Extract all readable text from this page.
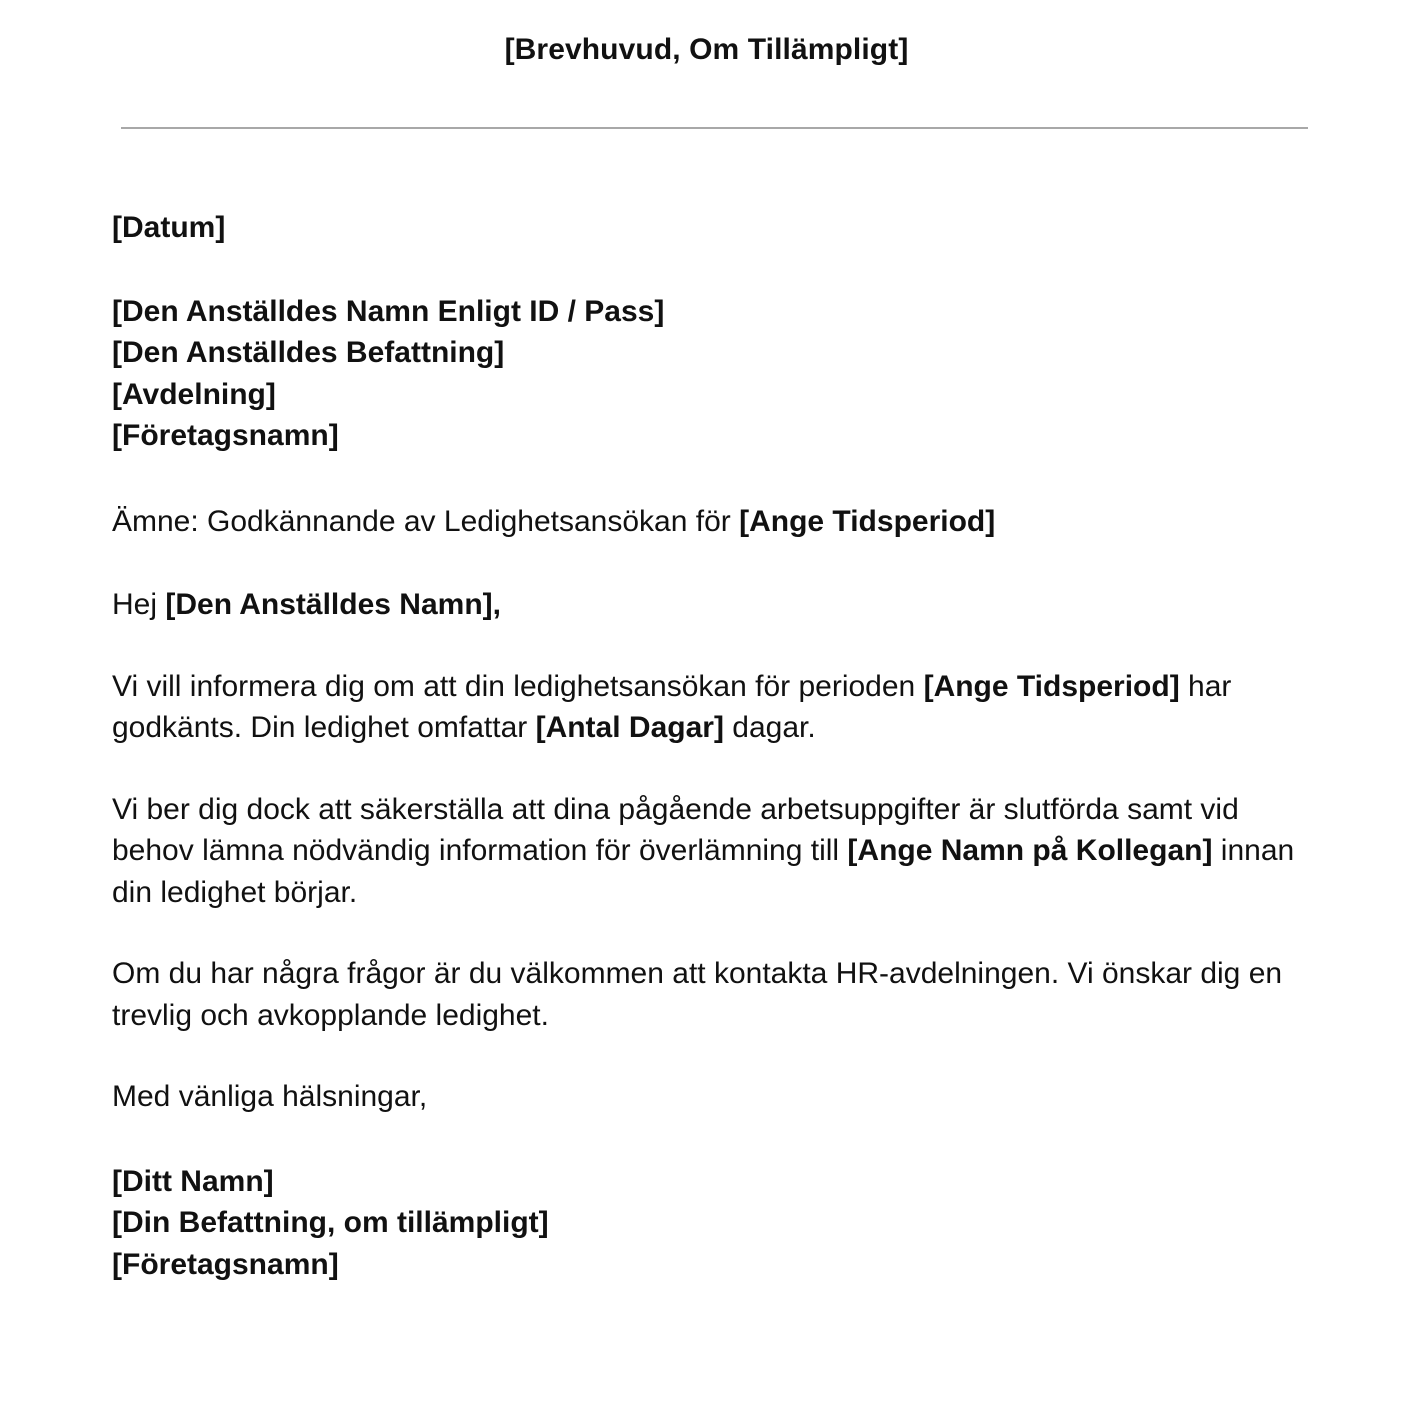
[Brevhuvud, Om Tillämpligt]
[Datum]
[Den Anställdes Namn Enligt ID / Pass]
[Den Anställdes Befattning]
[Avdelning]
[Företagsnamn]
Ämne: Godkännande av Ledighetsansökan för [Ange Tidsperiod]
Hej [Den Anställdes Namn],
Vi vill informera dig om att din ledighetsansökan för perioden [Ange Tidsperiod] har godkänts. Din ledighet omfattar [Antal Dagar] dagar.
Vi ber dig dock att säkerställa att dina pågående arbetsuppgifter är slutförda samt vid behov lämna nödvändig information för överlämning till [Ange Namn på Kollegan] innan din ledighet börjar.
Om du har några frågor är du välkommen att kontakta HR-avdelningen. Vi önskar dig en trevlig och avkopplande ledighet.
Med vänliga hälsningar,
[Ditt Namn]
[Din Befattning, om tillämpligt]
[Företagsnamn]
